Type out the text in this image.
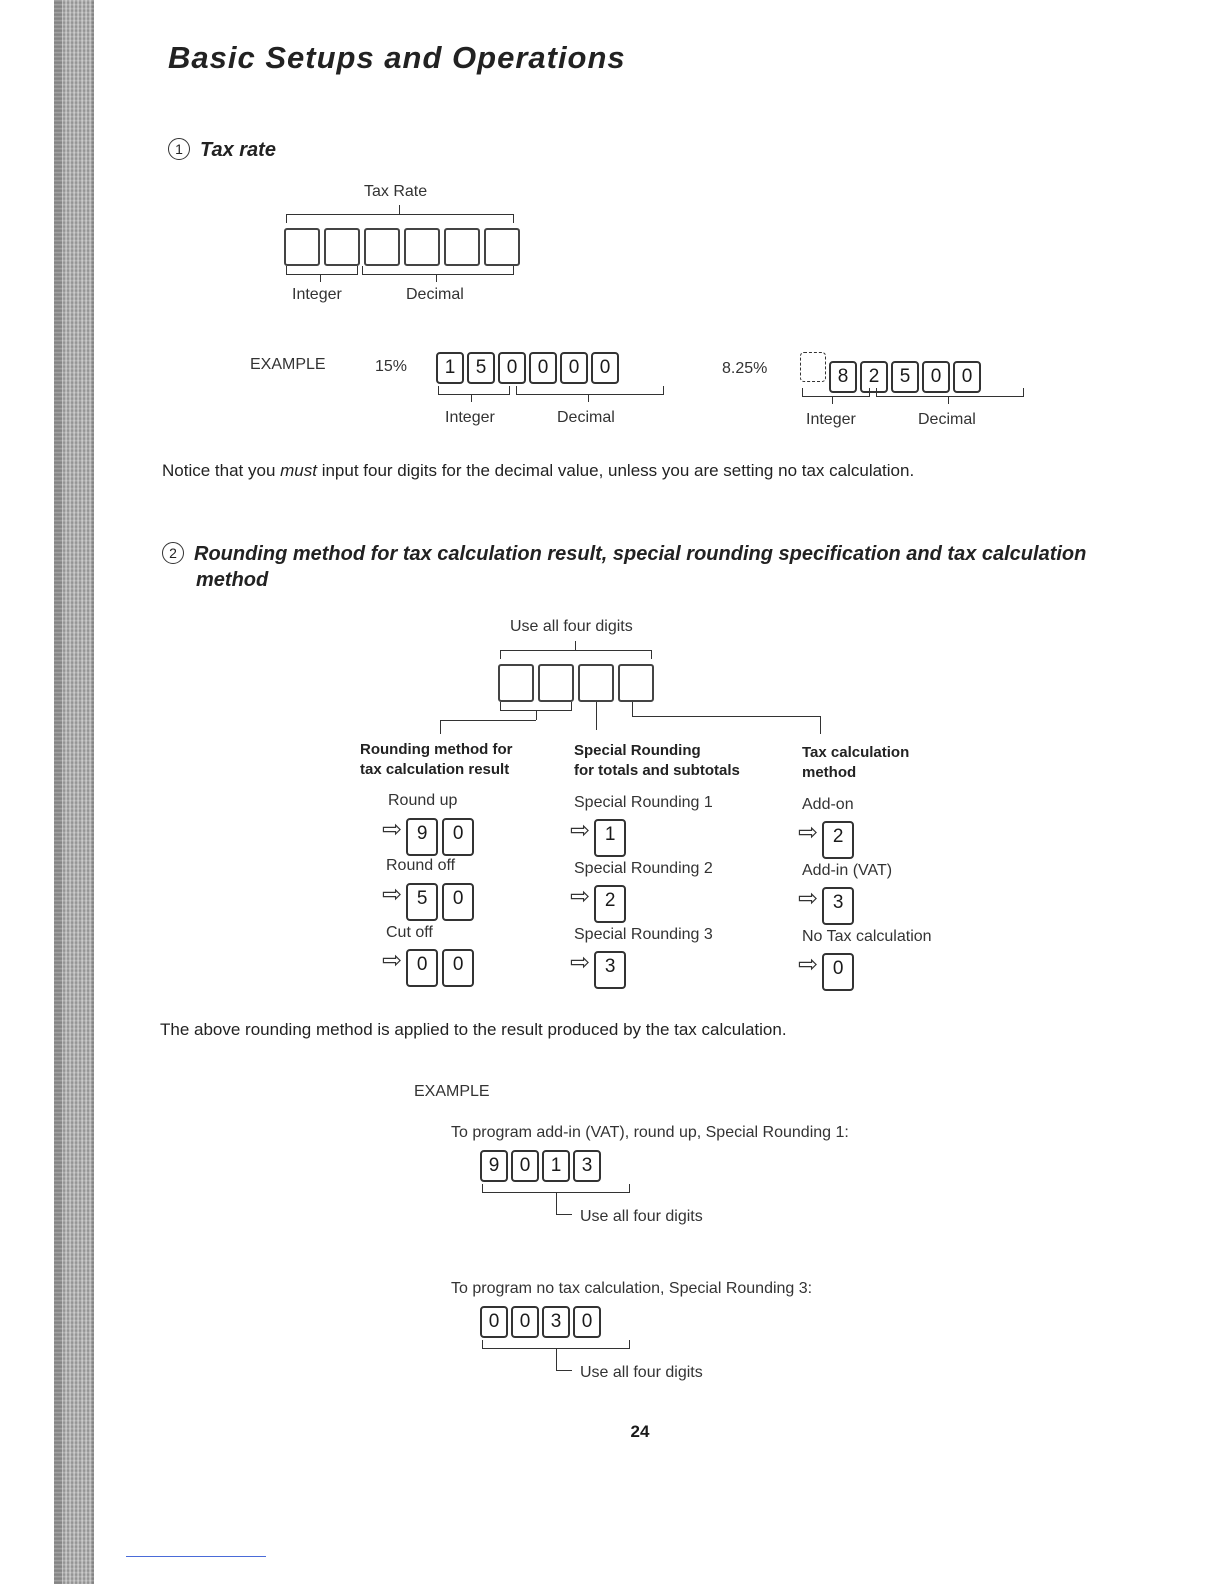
Basic Setups and Operations
1 Tax rate
Tax Rate
Integer	Decimal
EXAMPLE	15%	1 5 0 0 0 0
Integer	Decimal
8.25%	8 2 5 0 0
Integer	Decimal
Notice that you must input four digits for the decimal value, unless you are setting no tax calculation.
2 Rounding method for tax calculation result, special rounding specification and tax calculation
method
Use all four digits
Rounding method for
tax calculation result
Special Rounding
for totals and subtotals
Tax calculation
method
Round up
⇨ 9 0
Round off
⇨ 5 0
Cut off
⇨ 0 0
Special Rounding 1
⇨ 1
Special Rounding 2
⇨ 2
Special Rounding 3
⇨ 3
Add-on
⇨ 2
Add-in (VAT)
⇨ 3
No Tax calculation
⇨ 0
The above rounding method is applied to the result produced by the tax calculation.
EXAMPLE
To program add-in (VAT), round up, Special Rounding 1:
9 0 1 3
Use all four digits
To program no tax calculation, Special Rounding 3:
0 0 3 0
Use all four digits
24
